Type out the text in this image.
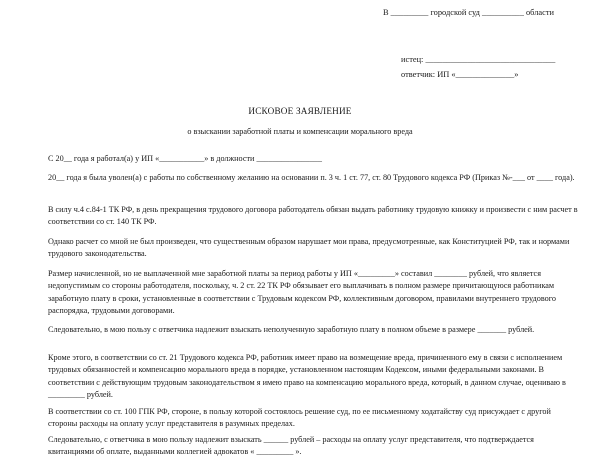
В _________ городской суд __________ области
истец: _______________________________
ответчик: ИП «______________»
ИСКОВОЕ ЗАЯВЛЕНИЕ
о взыскании заработной платы и компенсации морального вреда
С 20__ года я работал(а) у ИП «___________» в должности ________________
20__ года я была уволен(а) с работы по собственному желанию на основании п. 3 ч. 1 ст. 77, ст. 80 Трудового кодекса РФ (Приказ №-___ от ____ года).
В силу ч.4 с.84-1 ТК РФ, в день прекращения трудового договора работодатель обязан выдать работнику трудовую книжку и произвести с ним расчет в соответствии со ст. 140 ТК РФ.
Однако расчет со мной не был произведен, что существенным образом нарушает мои права, предусмотренные, как Конституцией РФ, так и нормами трудового законодательства.
Размер начисленной, но не выплаченной мне заработной платы за период работы у ИП «_________» составил ________ рублей, что является недопустимым со стороны работодателя, поскольку, ч. 2 ст. 22 ТК РФ обязывает его выплачивать в полном размере причитающуюся работникам заработную плату в сроки, установленные в соответствии с Трудовым кодексом РФ, коллективным договором, правилами внутреннего трудового распорядка, трудовыми договорами.
Следовательно, в мою пользу с ответчика надлежит взыскать неполученную заработную плату в полном объеме в размере _______ рублей.
Кроме этого, в соответствии со ст. 21 Трудового кодекса РФ, работник имеет право на возмещение вреда, причиненного ему в связи с исполнением трудовых обязанностей и компенсацию морального вреда в порядке, установленном настоящим Кодексом, иными федеральными законами. В соответствии с действующим трудовым законодательством я имею право на компенсацию морального вреда, который, в данном случае, оцениваю в _________ рублей.
В соответствии со ст. 100 ГПК РФ, стороне, в пользу которой состоялось решение суд, по ее письменному ходатайству суд присуждает с другой стороны расходы на оплату услуг представителя в разумных пределах.
Следовательно, с ответчика в мою пользу надлежит взыскать ______ рублей – расходы на оплату услуг представителя, что подтверждается квитанциями об оплате, выданными коллегией адвокатов « _________ ».
